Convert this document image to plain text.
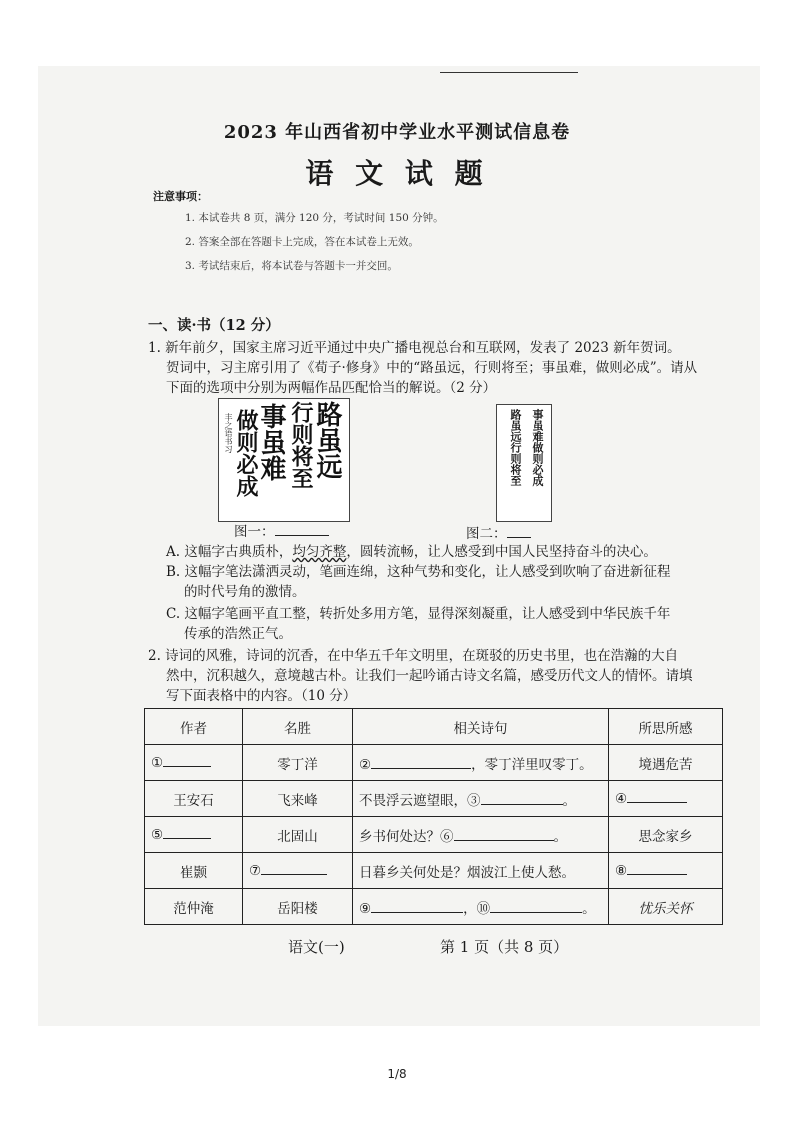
2023 年山西省初中学业水平测试信息卷
语 文 试 题
注意事项：
1. 本试卷共 8 页，满分 120 分，考试时间 150 分钟。
2. 答案全部在答题卡上完成，答在本试卷上无效。
3. 考试结束后，将本试卷与答题卡一并交回。
一、读·书（12 分）
1. 新年前夕，国家主席习近平通过中央广播电视总台和互联网，发表了 2023 新年贺词。
贺词中，习主席引用了《荀子·修身》中的“路虽远，行则将至；事虽难，做则必成”。请从
下面的选项中分别为两幅作品匹配恰当的解说。（2 分）
路虽远
行则将至
事虽难
做则必成
丰之语书习	事虽难做则必成
路虽远行则将至
图一：	图二：
A. 这幅字古典质朴，均匀齐整，圆转流畅，让人感受到中国人民坚持奋斗的决心。
B. 这幅字笔法潇洒灵动，笔画连绵，这种气势和变化，让人感受到吹响了奋进新征程
的时代号角的激情。
C. 这幅字笔画平直工整，转折处多用方笔，显得深刻凝重，让人感受到中华民族千年
传承的浩然正气。
2. 诗词的风雅，诗词的沉香，在中华五千年文明里，在斑驳的历史书里，也在浩瀚的大自
然中，沉积越久，意境越古朴。让我们一起吟诵古诗文名篇，感受历代文人的情怀。请填
写下面表格中的内容。（10 分）
作者	名胜	相关诗句	所思所感
①	零丁洋	② ，零丁洋里叹零丁。	境遇危苦
王安石	飞来峰	不畏浮云遮望眼，③ 。	④
⑤	北固山	乡书何处达？⑥ 。	思念家乡
崔颢	⑦	日暮乡关何处是？烟波江上使人愁。	⑧
范仲淹	岳阳楼	⑨ ，⑩ 。	忧乐关怀
语文(一)	第 1 页（共 8 页）
1/8
